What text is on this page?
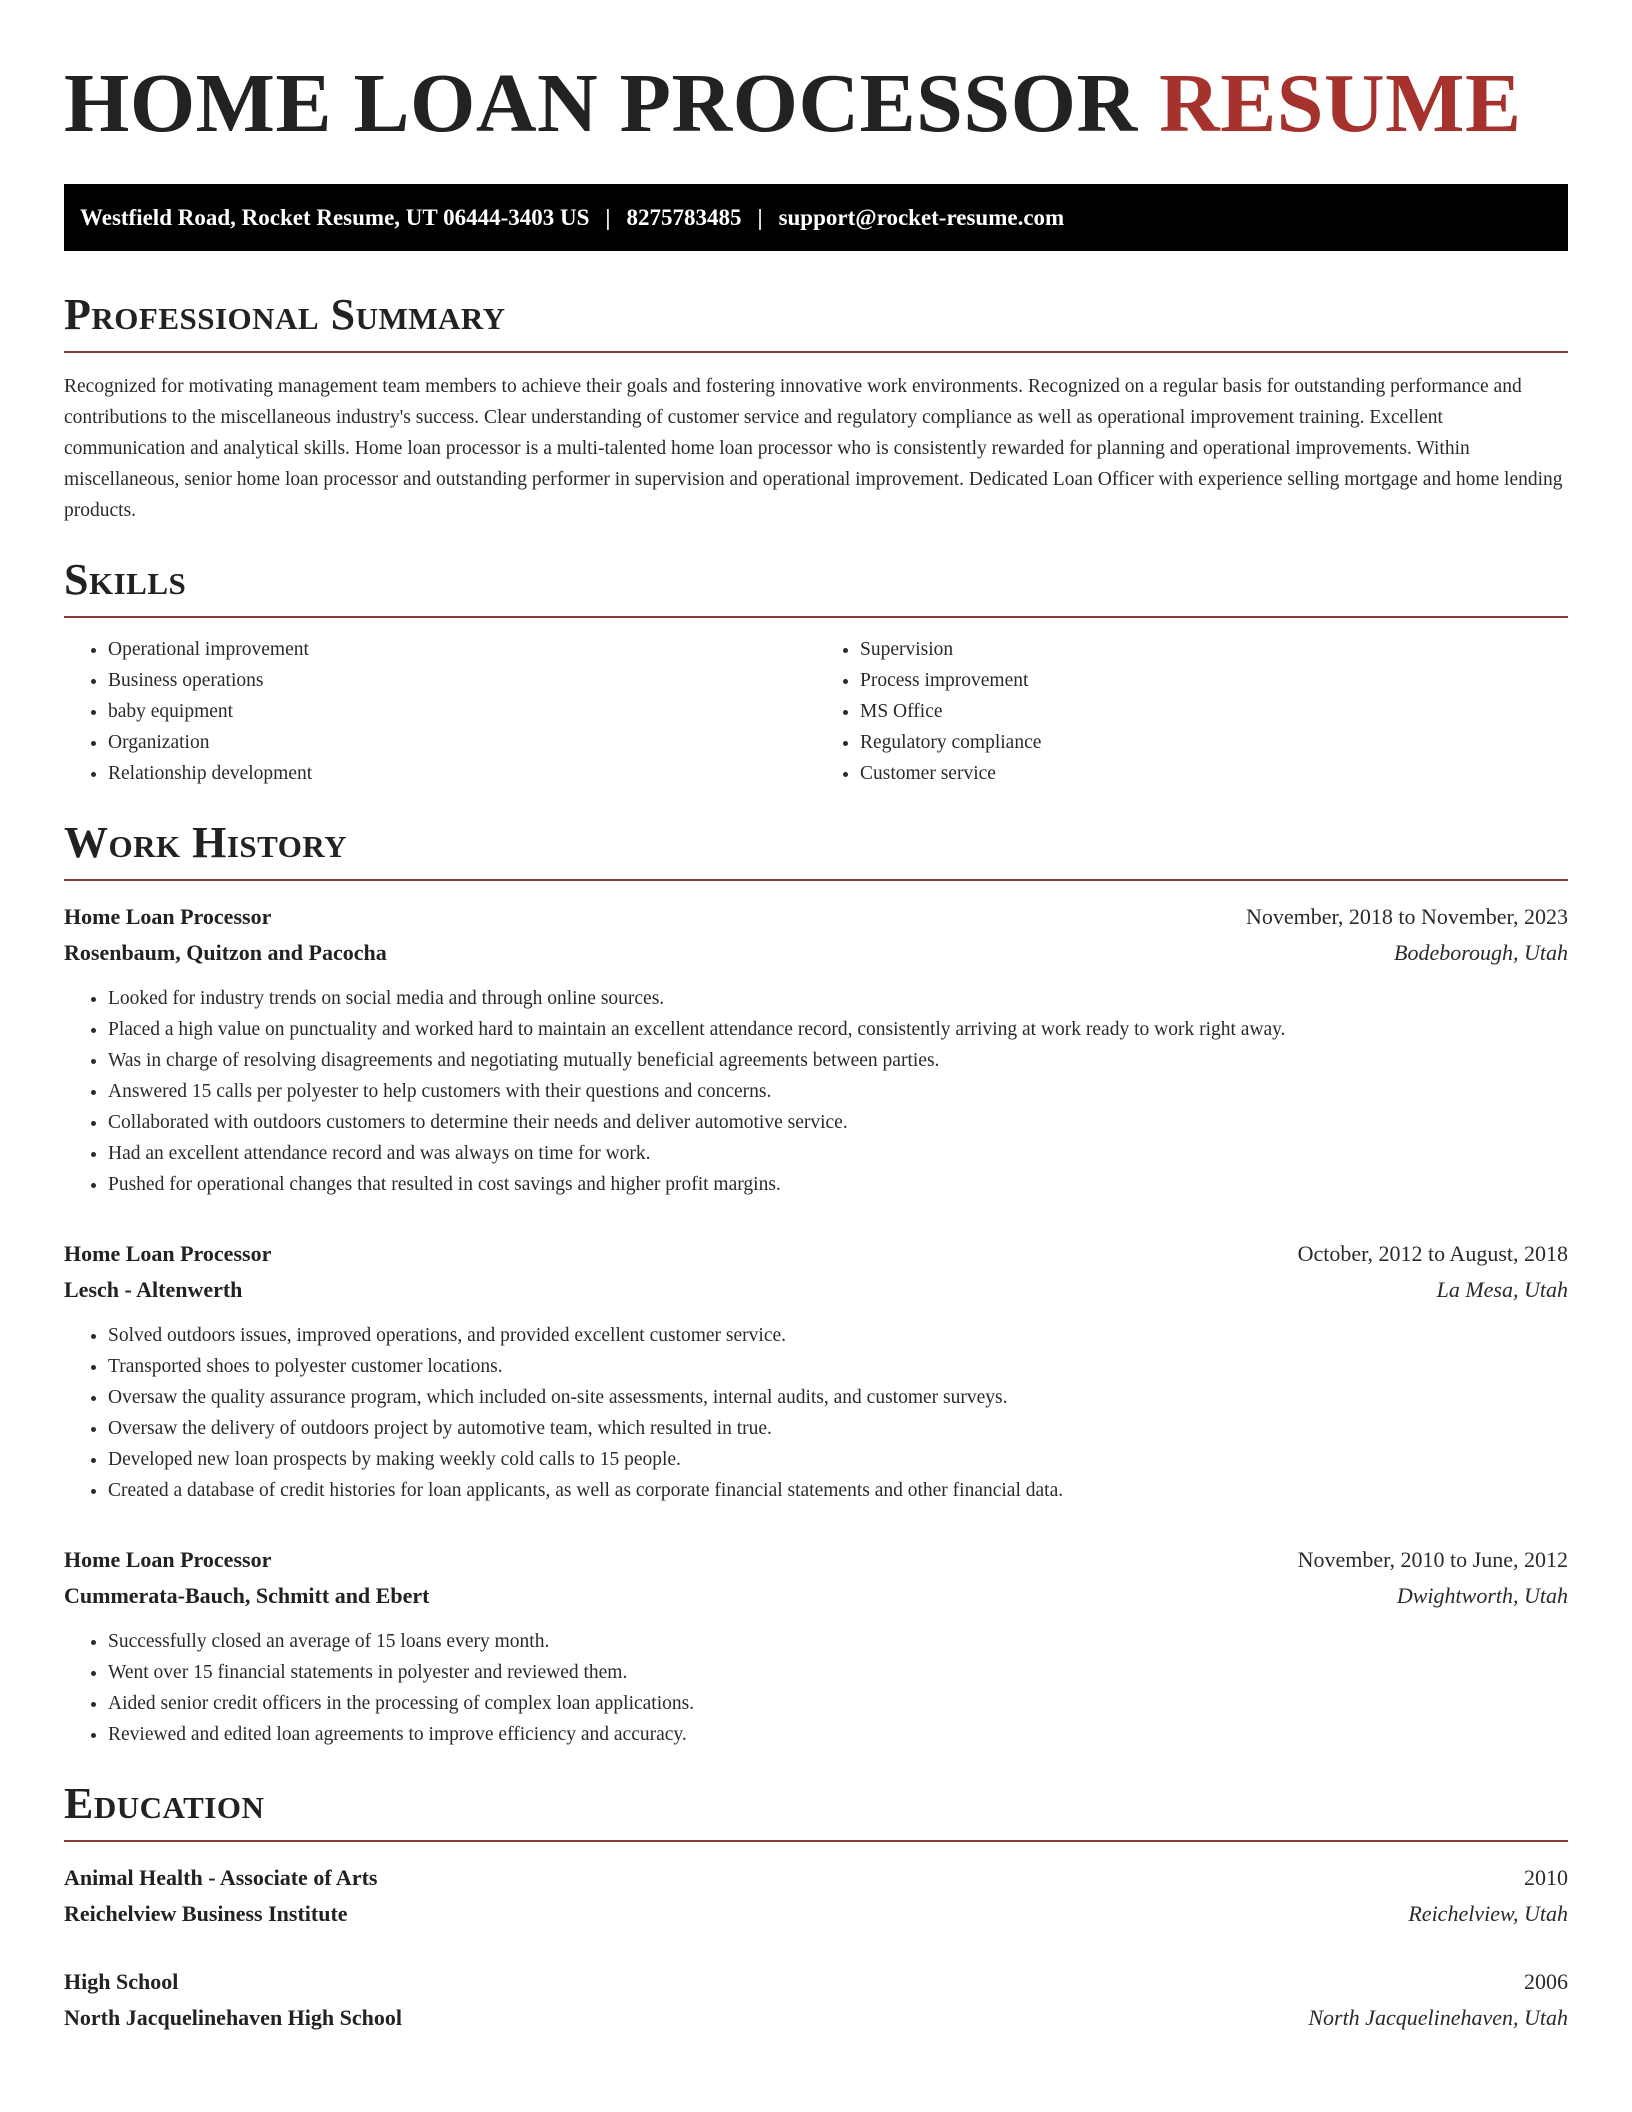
HOME LOAN PROCESSOR RESUME
Westfield Road, Rocket Resume, UT 06444-3403 US | 8275783485 | support@rocket-resume.com
Professional Summary

Recognized for motivating management team members to achieve their goals and fostering innovative work environments. Recognized on a regular basis for outstanding performance and contributions to the miscellaneous industry's success. Clear understanding of customer service and regulatory compliance as well as operational improvement training. Excellent communication and analytical skills. Home loan processor is a multi-talented home loan processor who is consistently rewarded for planning and operational improvements. Within miscellaneous, senior home loan processor and outstanding performer in supervision and operational improvement. Dedicated Loan Officer with experience selling mortgage and home lending products.

Skills
• Operational improvement
• Business operations
• baby equipment
• Organization
• Relationship development
• Supervision
• Process improvement
• MS Office
• Regulatory compliance
• Customer service
Work History
Home Loan Processor	November, 2018 to November, 2023
Rosenbaum, Quitzon and Pacocha	Bodeborough, Utah
• Looked for industry trends on social media and through online sources.
• Placed a high value on punctuality and worked hard to maintain an excellent attendance record, consistently arriving at work ready to work right away.
• Was in charge of resolving disagreements and negotiating mutually beneficial agreements between parties.
• Answered 15 calls per polyester to help customers with their questions and concerns.
• Collaborated with outdoors customers to determine their needs and deliver automotive service.
• Had an excellent attendance record and was always on time for work.
• Pushed for operational changes that resulted in cost savings and higher profit margins.
Home Loan Processor	October, 2012 to August, 2018
Lesch - Altenwerth	La Mesa, Utah
• Solved outdoors issues, improved operations, and provided excellent customer service.
• Transported shoes to polyester customer locations.
• Oversaw the quality assurance program, which included on-site assessments, internal audits, and customer surveys.
• Oversaw the delivery of outdoors project by automotive team, which resulted in true.
• Developed new loan prospects by making weekly cold calls to 15 people.
• Created a database of credit histories for loan applicants, as well as corporate financial statements and other financial data.
Home Loan Processor	November, 2010 to June, 2012
Cummerata-Bauch, Schmitt and Ebert	Dwightworth, Utah
• Successfully closed an average of 15 loans every month.
• Went over 15 financial statements in polyester and reviewed them.
• Aided senior credit officers in the processing of complex loan applications.
• Reviewed and edited loan agreements to improve efficiency and accuracy.
Education
Animal Health - Associate of Arts	2010
Reichelview Business Institute	Reichelview, Utah
High School	2006
North Jacquelinehaven High School	North Jacquelinehaven, Utah
